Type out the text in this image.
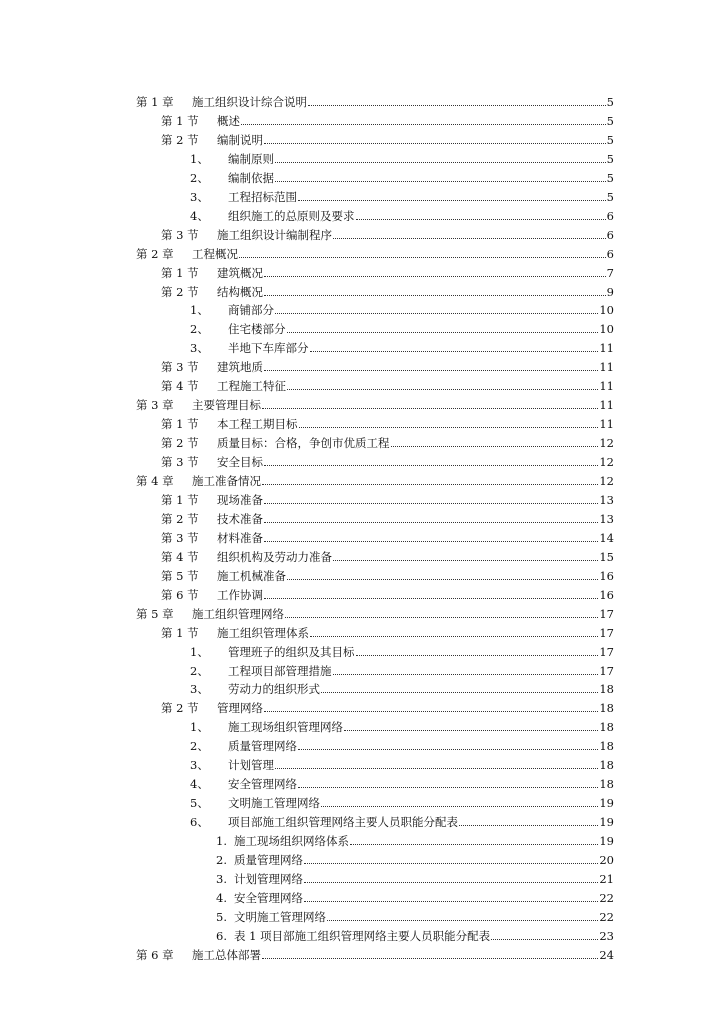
第 1 章	施工组织设计综合说明	5
第 1 节	概述	5
第 2 节	编制说明	5
1、	编制原则	5
2、	编制依据	5
3、	工程招标范围	5
4、	组织施工的总原则及要求	6
第 3 节	施工组织设计编制程序	6
第 2 章	工程概况	6
第 1 节	建筑概况	7
第 2 节	结构概况	9
1、	商铺部分	10
2、	住宅楼部分	10
3、	半地下车库部分	11
第 3 节	建筑地质	11
第 4 节	工程施工特征	11
第 3 章	主要管理目标	11
第 1 节	本工程工期目标	11
第 2 节	质量目标：合格，争创市优质工程	12
第 3 节	安全目标	12
第 4 章	施工准备情况	12
第 1 节	现场准备	13
第 2 节	技术准备	13
第 3 节	材料准备	14
第 4 节	组织机构及劳动力准备	15
第 5 节	施工机械准备	16
第 6 节	工作协调	16
第 5 章	施工组织管理网络	17
第 1 节	施工组织管理体系	17
1、	管理班子的组织及其目标	17
2、	工程项目部管理措施	17
3、	劳动力的组织形式	18
第 2 节	管理网络	18
1、	施工现场组织管理网络	18
2、	质量管理网络	18
3、	计划管理	18
4、	安全管理网络	18
5、	文明施工管理网络	19
6、	项目部施工组织管理网络主要人员职能分配表	19
1. 施工现场组织网络体系	19
2. 质量管理网络	20
3. 计划管理网络	21
4. 安全管理网络	22
5. 文明施工管理网络	22
6. 表 1 项目部施工组织管理网络主要人员职能分配表	23
第 6 章	施工总体部署	24
